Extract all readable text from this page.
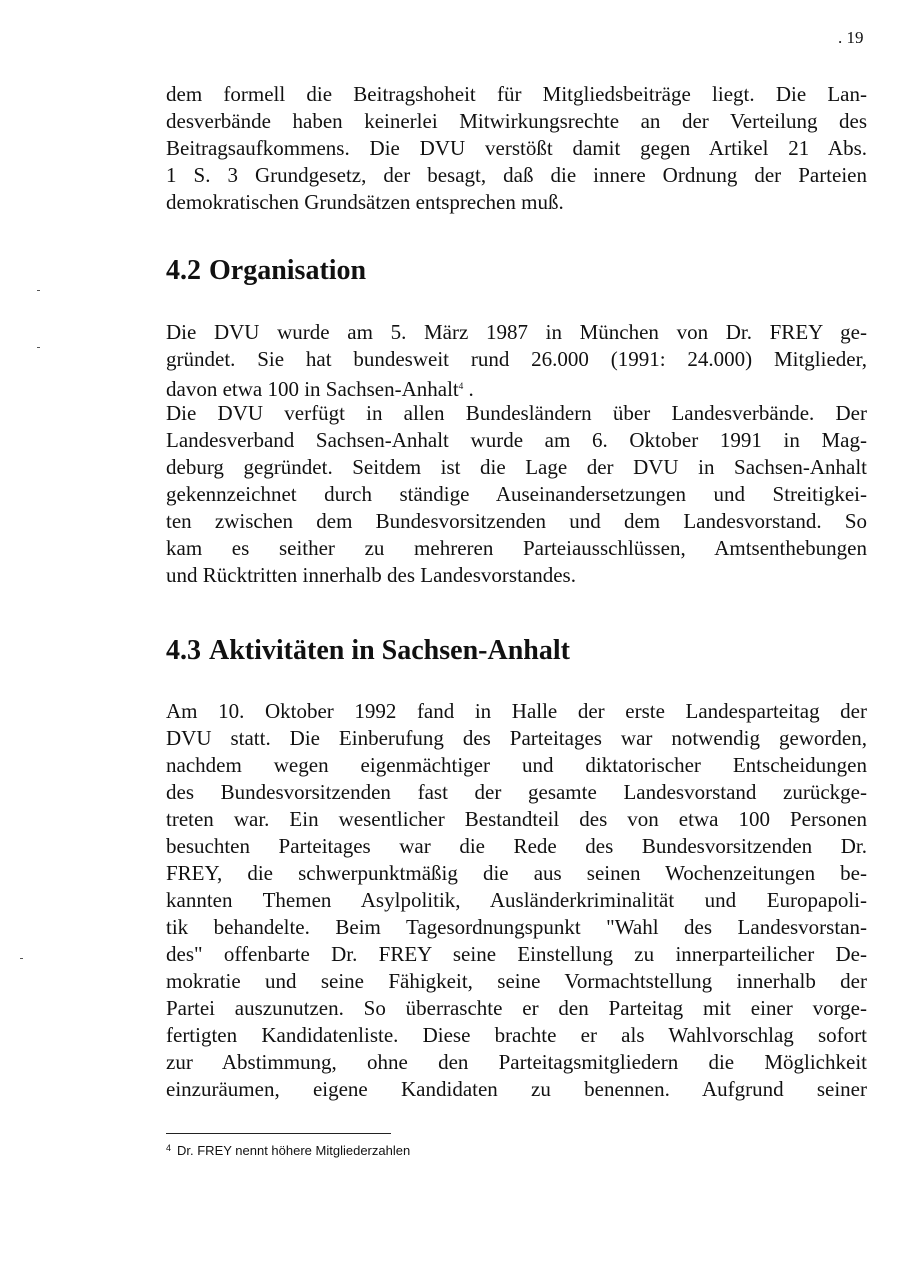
. 19

dem formell die Beitragshoheit für Mitgliedsbeiträge liegt. Die Lan-

desverbände haben keinerlei Mitwirkungsrechte an der Verteilung des

Beitragsaufkommens. Die DVU verstößt damit gegen Artikel 21 Abs.

1 S. 3 Grundgesetz, der besagt, daß die innere Ordnung der Parteien

demokratischen Grundsätzen entsprechen muß.

4.2 Organisation

Die DVU wurde am 5. März 1987 in München von Dr. FREY ge-

gründet. Sie hat bundesweit rund 26.000 (1991: 24.000) Mitglieder,

davon etwa 100 in Sachsen-Anhalt$^4$ .

Die DVU verfügt in allen Bundesländern über Landesverbände. Der

Landesverband Sachsen-Anhalt wurde am 6. Oktober 1991 in Mag-

deburg gegründet. Seitdem ist die Lage der DVU in Sachsen-Anhalt

gekennzeichnet durch ständige Auseinandersetzungen und Streitigkei-

ten zwischen dem Bundesvorsitzenden und dem Landesvorstand. So

kam es seither zu mehreren Parteiausschlüssen, Amtsenthebungen

und Rücktritten innerhalb des Landesvorstandes.

4.3 Aktivitäten in Sachsen-Anhalt

Am 10. Oktober 1992 fand in Halle der erste Landesparteitag der

DVU statt. Die Einberufung des Parteitages war notwendig geworden,

nachdem wegen eigenmächtiger und diktatorischer Entscheidungen

des Bundesvorsitzenden fast der gesamte Landesvorstand zurückge-

treten war. Ein wesentlicher Bestandteil des von etwa 100 Personen

besuchten Parteitages war die Rede des Bundesvorsitzenden Dr.

FREY, die schwerpunktmäßig die aus seinen Wochenzeitungen be-

kannten Themen Asylpolitik, Ausländerkriminalität und Europapoli-

tik behandelte. Beim Tagesordnungspunkt "Wahl des Landesvorstan-

des" offenbarte Dr. FREY seine Einstellung zu innerparteilicher De-

mokratie und seine Fähigkeit, seine Vormachtstellung innerhalb der

Partei auszunutzen. So überraschte er den Parteitag mit einer vorge-

fertigten Kandidatenliste. Diese brachte er als Wahlvorschlag sofort

zur Abstimmung, ohne den Parteitagsmitgliedern die Möglichkeit

einzuräumen, eigene Kandidaten zu benennen. Aufgrund seiner

$^4$ Dr. FREY nennt höhere Mitgliederzahlen
